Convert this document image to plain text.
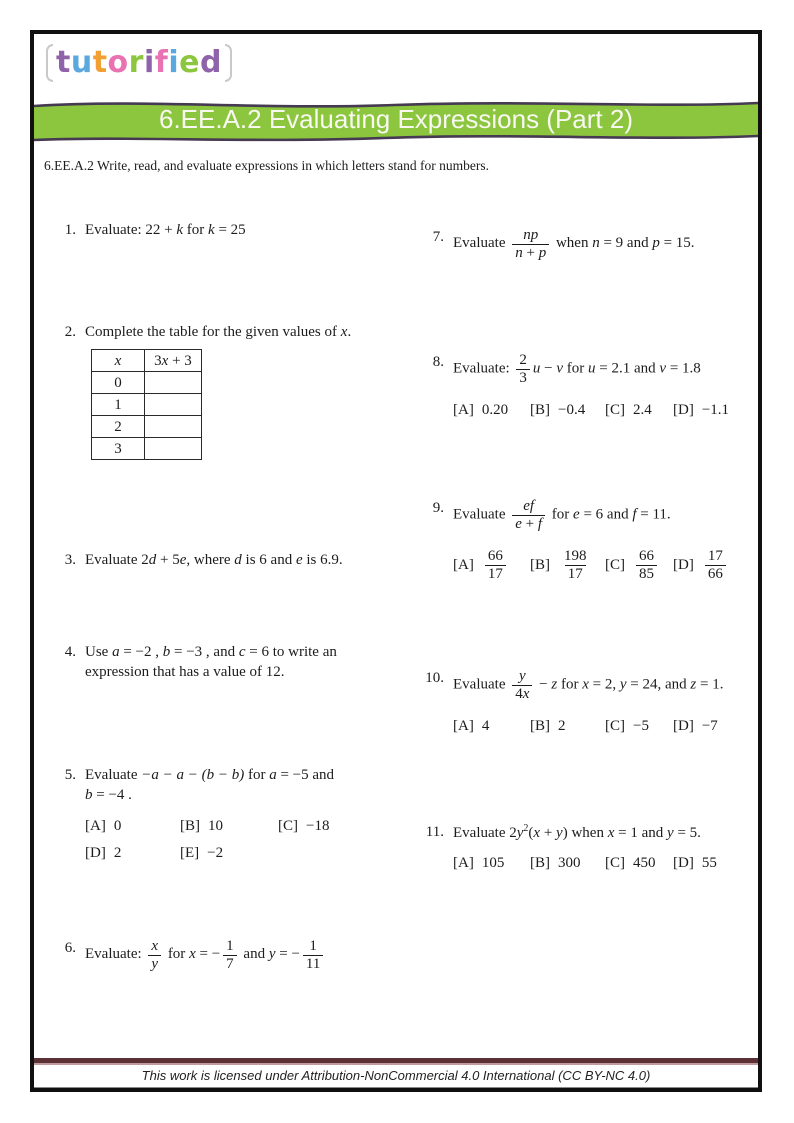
tutorified
6.EE.A.2 Evaluating Expressions (Part 2)
6.EE.A.2 Write, read, and evaluate expressions in which letters stand for numbers.
1. Evaluate: 22 + k for k = 25
2. Complete the table for the given values of x.
x	3x + 3
0	
1	
2	
3	
3. Evaluate 2d + 5e, where d is 6 and e is 6.9.
4. Use a = −2 , b = −3 , and c = 6 to write an
expression that has a value of 12.
5. Evaluate −a − a − (b − b) for a = −5 and
b = −4 .
[A] 0	[B] 10	[C] −18
[D] 2	[E] −2
6. Evaluate: $\frac{x}{y}$ for x = − $\frac{1}{7}$ and y = − $\frac{1}{11}$
7. Evaluate $\frac{np}{n + p}$ when n = 9 and p = 15.
8. Evaluate: $\frac{2}{3}$ u − v for u = 2.1 and v = 1.8
[A] 0.20 [B] −0.4 [C] 2.4 [D] −1.1
9. Evaluate $\frac{ef}{e + f}$ for e = 6 and f = 11.
$[A] \frac{66}{17} [B] \frac{198}{17} [C] \frac{66}{85} [D] \frac{17}{66}$
10. Evaluate $\frac{y}{4x} - z$ for x = 2, y = 24, and z = 1.
[A] 4	[B] 2	[C] −5 [D] −7
11. Evaluate $2y^2(x + y)$ when x = 1 and y = 5.
[A] 105 [B] 300 [C] 450 [D] 55
This work is licensed under Attribution-NonCommercial 4.0 International (CC BY-NC 4.0)
